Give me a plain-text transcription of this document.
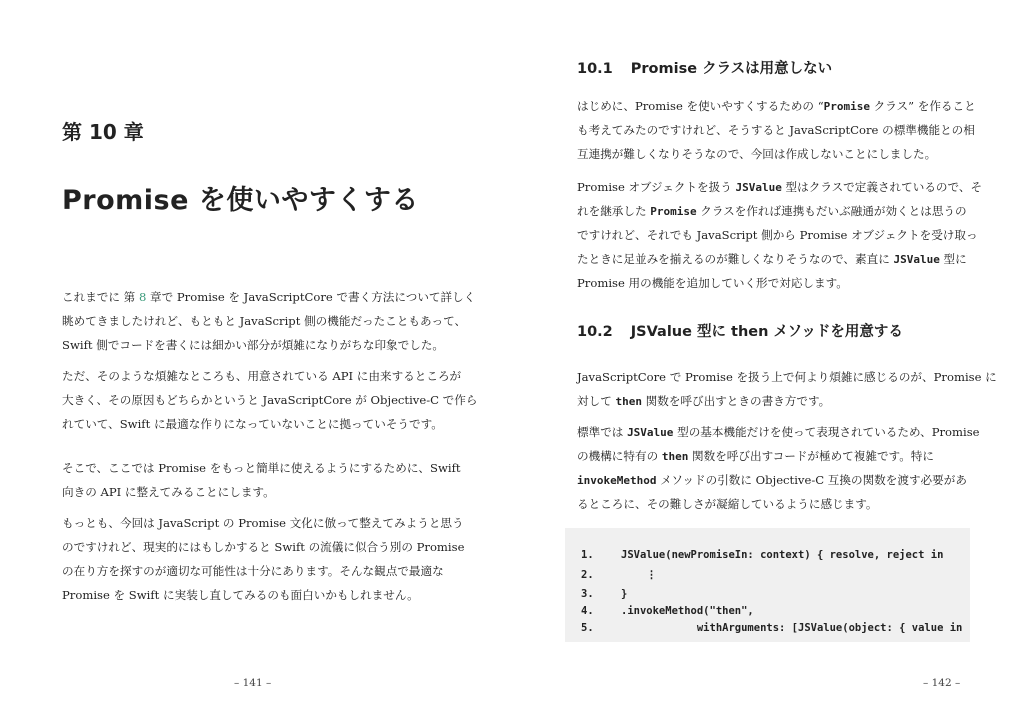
第 10 章
Promise を使いやすくする
これまでに 第 8 章で Promise を JavaScriptCore で書く方法について詳しく
眺めてきましたけれど、もともと JavaScript 側の機能だったこともあって、
Swift 側でコードを書くには細かい部分が煩雑になりがちな印象でした。
ただ、そのような煩雑なところも、用意されている API に由来するところが
大きく、その原因もどちらかというと JavaScriptCore が Objective-C で作ら
れていて、Swift に最適な作りになっていないことに拠っていそうです。
そこで、ここでは Promise をもっと簡単に使えるようにするために、Swift
向きの API に整えてみることにします。
もっとも、今回は JavaScript の Promise 文化に倣って整えてみようと思う
のですけれど、現実的にはもしかすると Swift の流儀に似合う別の Promise
の在り方を探すのが適切な可能性は十分にあります。そんな観点で最適な
Promise を Swift に実装し直してみるのも面白いかもしれません。
– 141 –
10.1 Promise クラスは用意しない
はじめに、Promise を使いやすくするための “Promise クラス” を作ること
も考えてみたのですけれど、そうすると JavaScriptCore の標準機能との相
互連携が難しくなりそうなので、今回は作成しないことにしました。
Promise オブジェクトを扱う JSValue 型はクラスで定義されているので、そ
れを継承した Promise クラスを作れば連携もだいぶ融通が効くとは思うの
ですけれど、それでも JavaScript 側から Promise オブジェクトを受け取っ
たときに足並みを揃えるのが難しくなりそうなので、素直に JSValue 型に
Promise 用の機能を追加していく形で対応します。
10.2 JSValue 型に then メソッドを用意する
JavaScriptCore で Promise を扱う上で何より煩雑に感じるのが、Promise に
対して then 関数を呼び出すときの書き方です。
標準では JSValue 型の基本機能だけを使って表現されているため、Promise
の機構に特有の then 関数を呼び出すコードが極めて複雑です。特に
invokeMethod メソッドの引数に Objective-C 互換の関数を渡す必要があ
るところに、その難しさが凝縮しているように感じます。
1.	JSValue(newPromiseIn: context) { resolve, reject in
2.	⋮
3.	}
4.	.invokeMethod("then",
5.	withArguments: [JSValue(object: { value in
– 142 –
